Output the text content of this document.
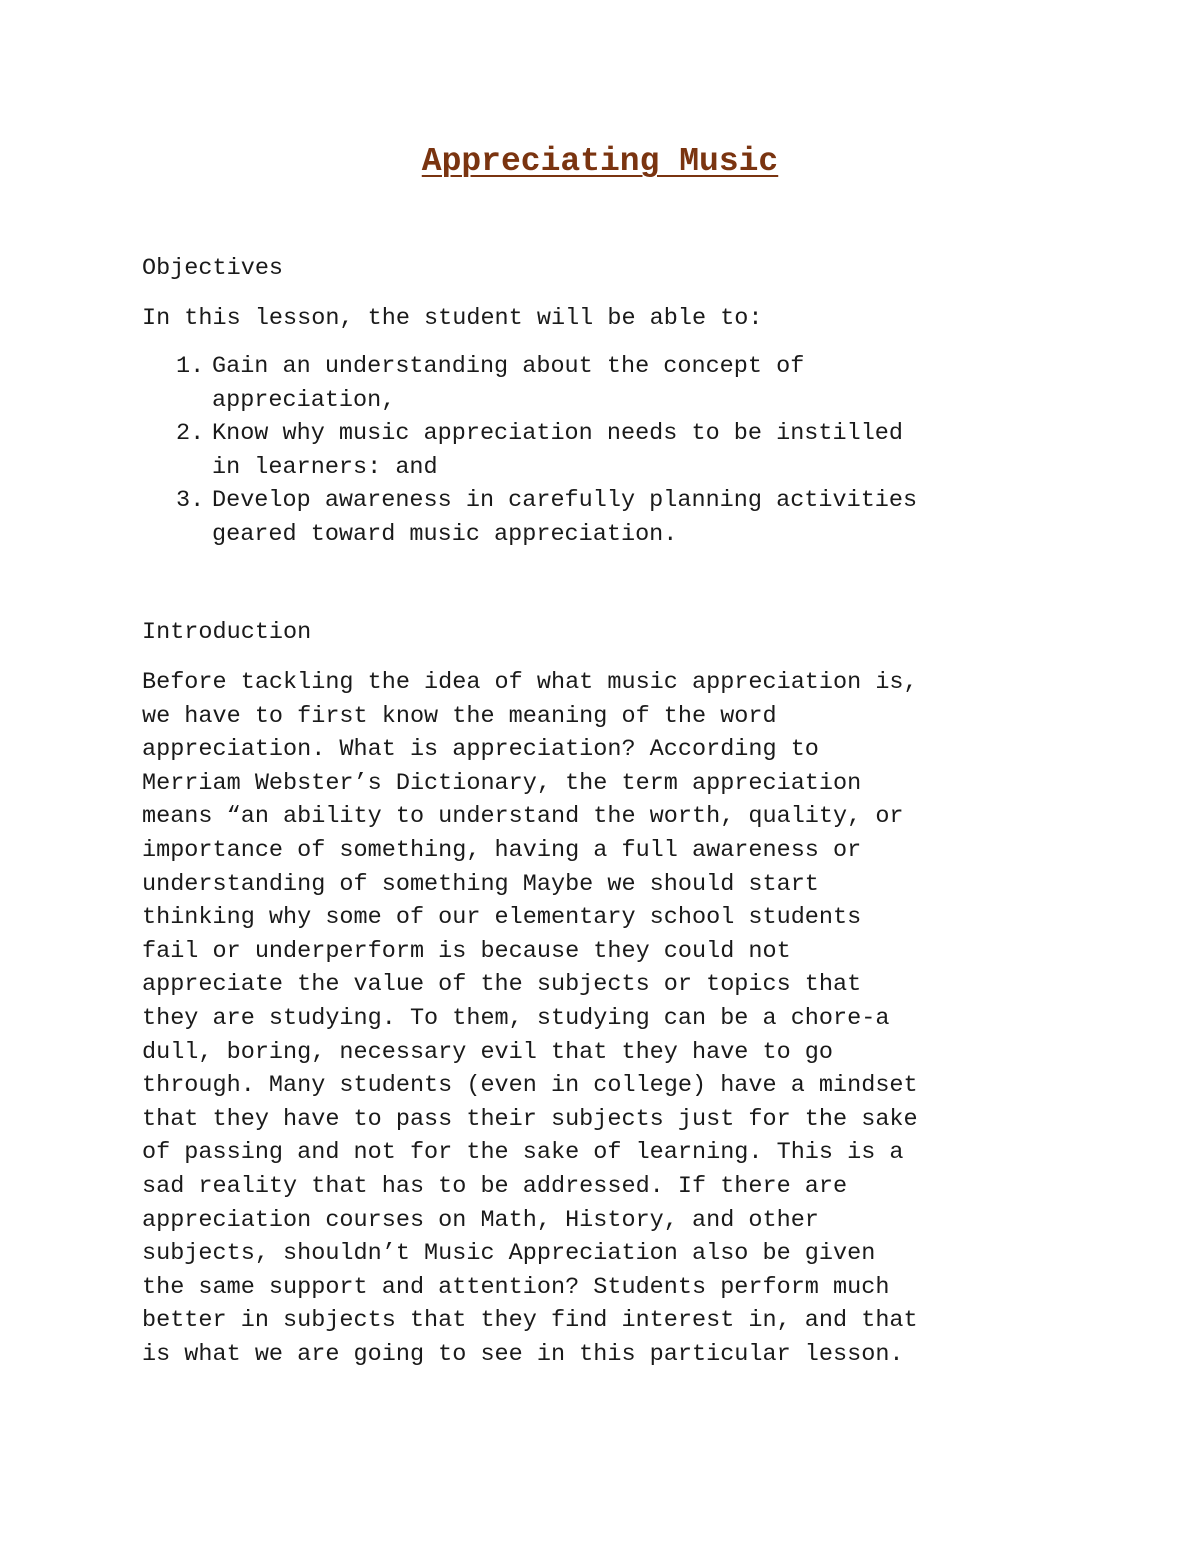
Appreciating Music

Objectives

In this lesson, the student will be able to:

1. Gain an understanding about the concept of
appreciation,
2. Know why music appreciation needs to be instilled
in learners: and
3. Develop awareness in carefully planning activities
geared toward music appreciation.

Introduction

Before tackling the idea of what music appreciation is,
we have to first know the meaning of the word
appreciation. What is appreciation? According to
Merriam Webster’s Dictionary, the term appreciation
means “an ability to understand the worth, quality, or
importance of something, having a full awareness or
understanding of something Maybe we should start
thinking why some of our elementary school students
fail or underperform is because they could not
appreciate the value of the subjects or topics that
they are studying. To them, studying can be a chore-a
dull, boring, necessary evil that they have to go
through. Many students (even in college) have a mindset
that they have to pass their subjects just for the sake
of passing and not for the sake of learning. This is a
sad reality that has to be addressed. If there are
appreciation courses on Math, History, and other
subjects, shouldn’t Music Appreciation also be given
the same support and attention? Students perform much
better in subjects that they find interest in, and that
is what we are going to see in this particular lesson.
